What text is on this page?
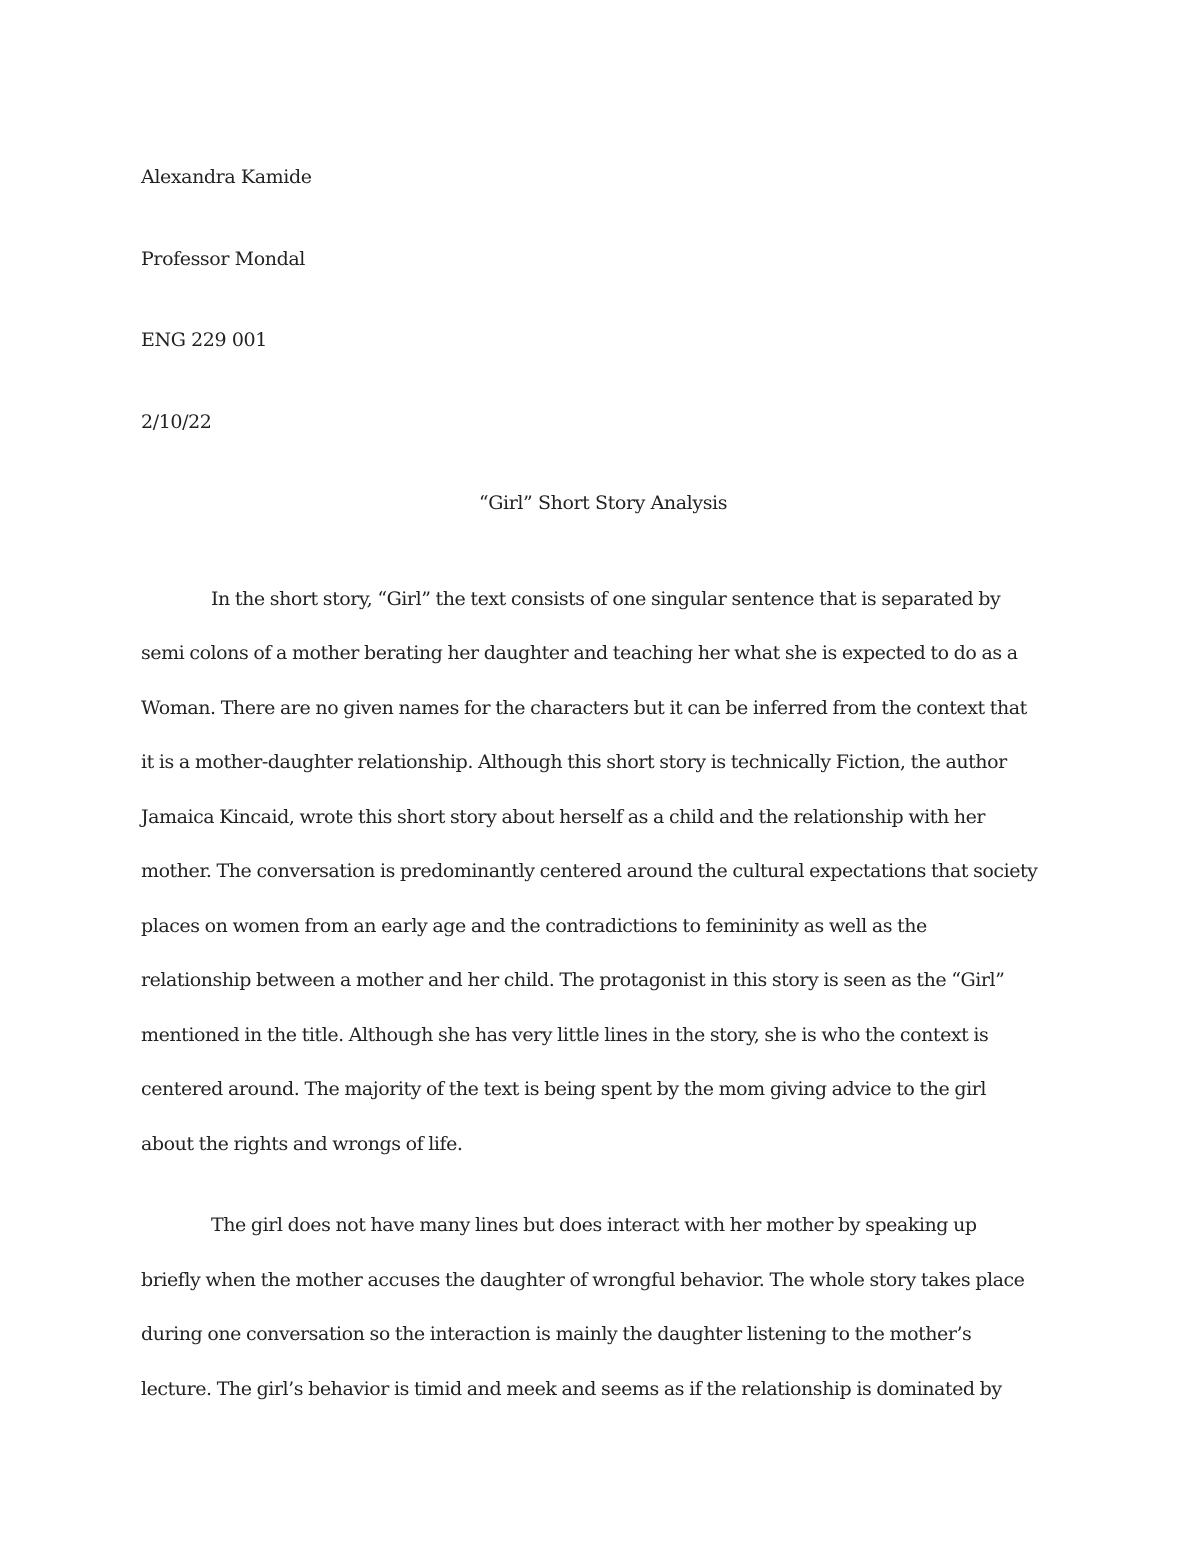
Alexandra Kamide
Professor Mondal
ENG 229 001
2/10/22
“Girl” Short Story Analysis
In the short story, “Girl” the text consists of one singular sentence that is separated by
semi colons of a mother berating her daughter and teaching her what she is expected to do as a
Woman. There are no given names for the characters but it can be inferred from the context that
it is a mother-daughter relationship. Although this short story is technically Fiction, the author
Jamaica Kincaid, wrote this short story about herself as a child and the relationship with her
mother. The conversation is predominantly centered around the cultural expectations that society
places on women from an early age and the contradictions to femininity as well as the
relationship between a mother and her child. The protagonist in this story is seen as the “Girl”
mentioned in the title. Although she has very little lines in the story, she is who the context is
centered around. The majority of the text is being spent by the mom giving advice to the girl
about the rights and wrongs of life.
The girl does not have many lines but does interact with her mother by speaking up
briefly when the mother accuses the daughter of wrongful behavior. The whole story takes place
during one conversation so the interaction is mainly the daughter listening to the mother’s
lecture. The girl’s behavior is timid and meek and seems as if the relationship is dominated by
